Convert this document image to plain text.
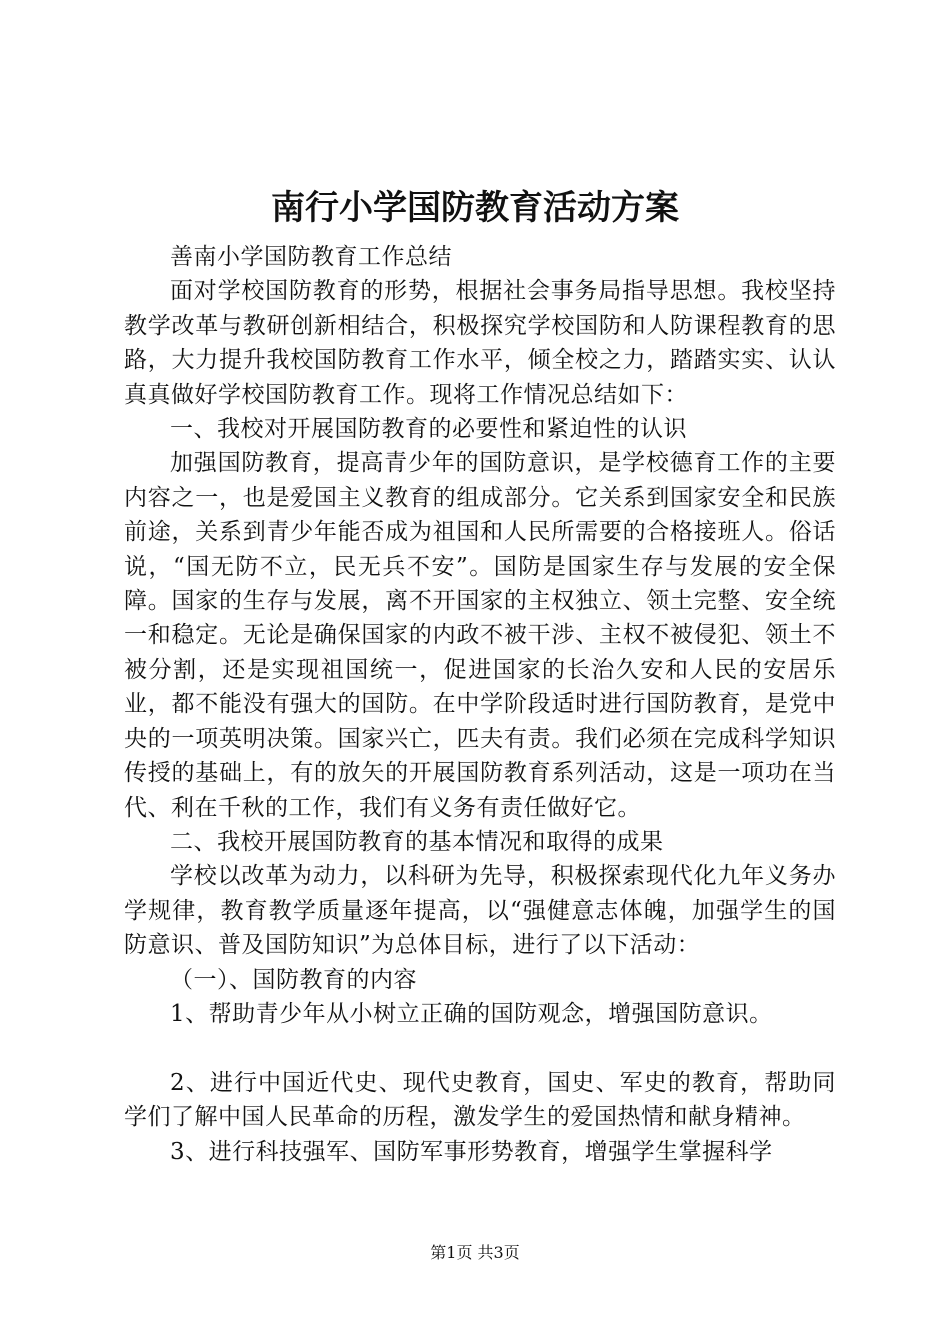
南行小学国防教育活动方案

善南小学国防教育工作总结

面对学校国防教育的形势，根据社会事务局指导思想。我校坚持教学改革与教研创新相结合，积极探究学校国防和人防课程教育的思路，大力提升我校国防教育工作水平，倾全校之力，踏踏实实、认认真真做好学校国防教育工作。现将工作情况总结如下：

一、我校对开展国防教育的必要性和紧迫性的认识

加强国防教育，提高青少年的国防意识，是学校德育工作的主要内容之一，也是爱国主义教育的组成部分。它关系到国家安全和民族前途，关系到青少年能否成为祖国和人民所需要的合格接班人。俗话说，“国无防不立，民无兵不安”。国防是国家生存与发展的安全保障。国家的生存与发展，离不开国家的主权独立、领土完整、安全统一和稳定。无论是确保国家的内政不被干涉、主权不被侵犯、领土不被分割，还是实现祖国统一，促进国家的长治久安和人民的安居乐业，都不能没有强大的国防。在中学阶段适时进行国防教育，是党中央的一项英明决策。国家兴亡，匹夫有责。我们必须在完成科学知识传授的基础上，有的放矢的开展国防教育系列活动，这是一项功在当代、利在千秋的工作，我们有义务有责任做好它。

二、我校开展国防教育的基本情况和取得的成果

学校以改革为动力，以科研为先导，积极探索现代化九年义务办学规律，教育教学质量逐年提高，以“强健意志体魄，加强学生的国防意识、普及国防知识”为总体目标，进行了以下活动：

（一）、国防教育的内容

1、帮助青少年从小树立正确的国防观念，增强国防意识。

2、进行中国近代史、现代史教育，国史、军史的教育，帮助同学们了解中国人民革命的历程，激发学生的爱国热情和献身精神。

3、进行科技强军、国防军事形势教育，增强学生掌握科学

第1页 共3页
